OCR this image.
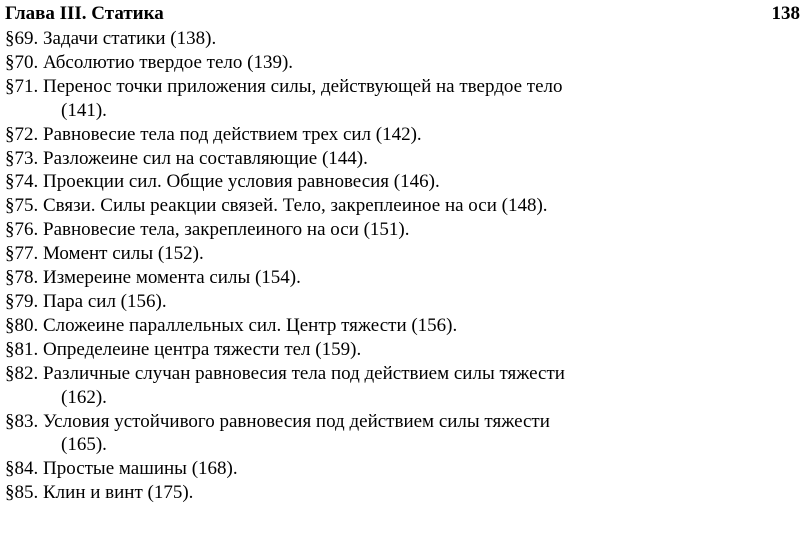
Глава III. Статика	138
§69. Задачи статики (138).
§70. Абсолютио твердое тело (139).
§71. Перенос точки приложения силы, действующей на твердое тело
(141).
§72. Равновесие тела под действием трех сил (142).
§73. Разложеине сил на составляющие (144).
§74. Проекции сил. Общие условия равновесия (146).
§75. Связи. Силы реакции связей. Тело, закреплеиное на оси (148).
§76. Равновесие тела, закреплеиного на оси (151).
§77. Момент силы (152).
§78. Измереине момента силы (154).
§79. Пара сил (156).
§80. Сложеине параллельных сил. Центр тяжести (156).
§81. Определеине центра тяжести тел (159).
§82. Различные случан равновесия тела под действием силы тяжести
(162).
§83. Условия устойчивого равновесия под действием силы тяжести
(165).
§84. Простые машины (168).
§85. Клин и винт (175).
